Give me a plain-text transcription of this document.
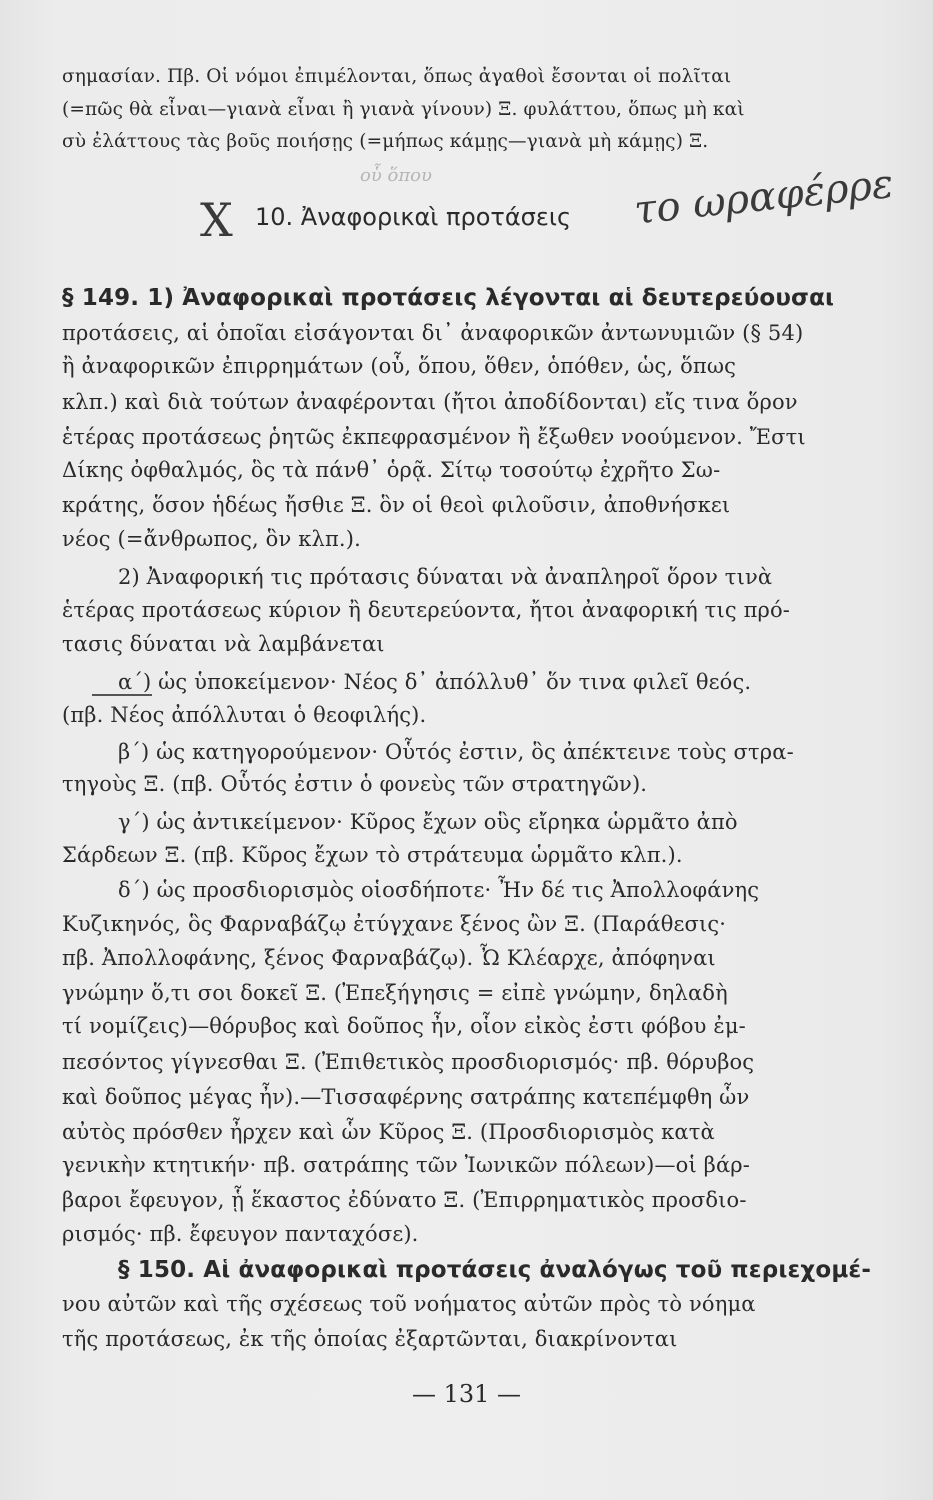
σημασίαν. Πβ. Οἱ νόμοι ἐπιμέλονται, ὅπως ἀγαθοὶ ἔσονται οἱ πολῖται
(=πῶς θὰ εἶναι—γιανὰ εἶναι ἢ γιανὰ γίνουν) Ξ. φυλάττου, ὅπως μὴ καὶ
σὺ ἐλάττους τὰς βοῦς ποιήσῃς (=μήπως κάμῃς—γιανὰ μὴ κάμῃς) Ξ.
οὗ ὅπου
X 10. Ἀναφορικαὶ προτάσεις το ωραφέρρε
§ 149. 1) Ἀναφορικαὶ προτάσεις λέγονται αἱ δευτερεύουσαι
προτάσεις, αἱ ὁποῖαι εἰσάγονται δι᾽ ἀναφορικῶν ἀντωνυμιῶν (§ 54)
ἢ ἀναφορικῶν ἐπιρρημάτων (οὗ, ὅπου, ὅθεν, ὁπόθεν, ὡς, ὅπως
κλπ.) καὶ διὰ τούτων ἀναφέρονται (ἤτοι ἀποδίδονται) εἴς τινα ὅρον
ἑτέρας προτάσεως ῥητῶς ἐκπεφρασμένον ἢ ἔξωθεν νοούμενον. Ἔστι
Δίκης ὀφθαλμός, ὃς τὰ πάνθ᾽ ὁρᾷ. Σίτῳ τοσούτῳ ἐχρῆτο Σω-
κράτης, ὅσον ἡδέως ἤσθιε Ξ. ὃν οἱ θεοὶ φιλοῦσιν, ἀποθνήσκει
νέος (=ἄνθρωπος, ὃν κλπ.).
2) Ἀναφορική τις πρότασις δύναται νὰ ἀναπληροῖ ὅρον τινὰ
ἑτέρας προτάσεως κύριον ἢ δευτερεύοντα, ἤτοι ἀναφορική τις πρό-
τασις δύναται νὰ λαμβάνεται
α΄) ὡς ὑποκείμενον· Νέος δ᾽ ἀπόλλυθ᾽ ὅν τινα φιλεῖ θεός.
(πβ. Νέος ἀπόλλυται ὁ θεοφιλής).
β΄) ὡς κατηγορούμενον· Οὗτός ἐστιν, ὃς ἀπέκτεινε τοὺς στρα-
τηγοὺς Ξ. (πβ. Οὗτός ἐστιν ὁ φονεὺς τῶν στρατηγῶν).
γ΄) ὡς ἀντικείμενον· Κῦρος ἔχων οὓς εἴρηκα ὡρμᾶτο ἀπὸ
Σάρδεων Ξ. (πβ. Κῦρος ἔχων τὸ στράτευμα ὡρμᾶτο κλπ.).
δ΄) ὡς προσδιορισμὸς οἱοσδήποτε· Ἦν δέ τις Ἀπολλοφάνης
Κυζικηνός, ὃς Φαρναβάζῳ ἐτύγχανε ξένος ὢν Ξ. (Παράθεσις·
πβ. Ἀπολλοφάνης, ξένος Φαρναβάζῳ). Ὦ Κλέαρχε, ἀπόφηναι
γνώμην ὅ,τι σοι δοκεῖ Ξ. (Ἐπεξήγησις = εἰπὲ γνώμην, δηλαδὴ
τί νομίζεις)—θόρυβος καὶ δοῦπος ἦν, οἷον εἰκὸς ἐστι φόβου ἐμ-
πεσόντος γίγνεσθαι Ξ. (Ἐπιθετικὸς προσδιορισμός· πβ. θόρυβος
καὶ δοῦπος μέγας ἦν).—Τισσαφέρνης σατράπης κατεπέμφθη ὧν
αὐτὸς πρόσθεν ἦρχεν καὶ ὧν Κῦρος Ξ. (Προσδιορισμὸς κατὰ
γενικὴν κτητικήν· πβ. σατράπης τῶν Ἰωνικῶν πόλεων)—οἱ βάρ-
βαροι ἔφευγον, ᾗ ἕκαστος ἐδύνατο Ξ. (Ἐπιρρηματικὸς προσδιο-
ρισμός· πβ. ἔφευγον πανταχόσε).
§ 150. Αἱ ἀναφορικαὶ προτάσεις ἀναλόγως τοῦ περιεχομέ-
νου αὐτῶν καὶ τῆς σχέσεως τοῦ νοήματος αὐτῶν πρὸς τὸ νόημα
τῆς προτάσεως, ἐκ τῆς ὁποίας ἐξαρτῶνται, διακρίνονται
— 131 —
